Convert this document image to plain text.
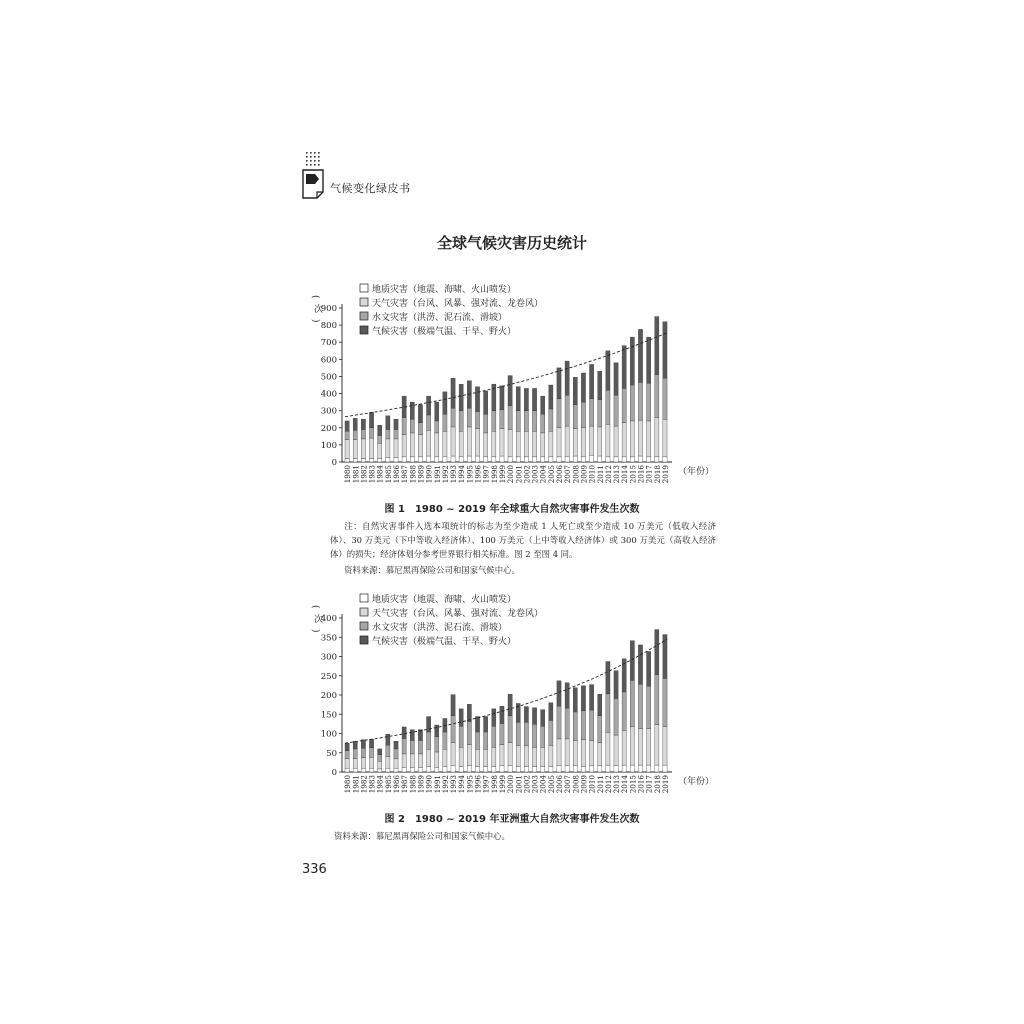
气候变化绿皮书
全球气候灾害历史统计
地质灾害（地震、海啸、火山喷发）
天气灾害（台风、风暴、强对流、龙卷风）
水文灾害（洪涝、泥石流、滑坡）
气候灾害（极端气温、干旱、野火）
次
(
)
0
100
200
300
400
500
600
700
800
900
1980 1981 1982 1983 1984 1985 1986 1987 1988 1989 1990 1991 1992 1993 1994 1995 1996 1997 1998 1999 2000 2001 2002 2003 2004 2005 2006 2007 2008 2009 2010 2011 2012 2013 2014 2015 2016 2017 2018 2019 （年份）
图 1　1980 ~ 2019 年全球重大自然灾害事件发生次数
注：自然灾害事件入选本项统计的标志为至少造成 1 人死亡或至少造成 10 万美元（低收入经济体）、30 万美元（下中等收入经济体）、100 万美元（上中等收入经济体）或 300 万美元（高收入经济体）的损失；经济体划分参考世界银行相关标准。图 2 至图 4 同。
资料来源：慕尼黑再保险公司和国家气候中心。
地质灾害（地震、海啸、火山喷发）
天气灾害（台风、风暴、强对流、龙卷风）
水文灾害（洪涝、泥石流、滑坡）
气候灾害（极端气温、干旱、野火）
次
(
)
0
50
100
150
200
250
300
350
400
1980 1981 1982 1983 1984 1985 1986 1987 1988 1989 1990 1991 1992 1993 1994 1995 1996 1997 1998 1999 2000 2001 2002 2003 2004 2005 2006 2007 2008 2009 2010 2011 2012 2013 2014 2015 2016 2017 2018 2019 （年份）
图 2　1980 ~ 2019 年亚洲重大自然灾害事件发生次数
资料来源：慕尼黑再保险公司和国家气候中心。
336
